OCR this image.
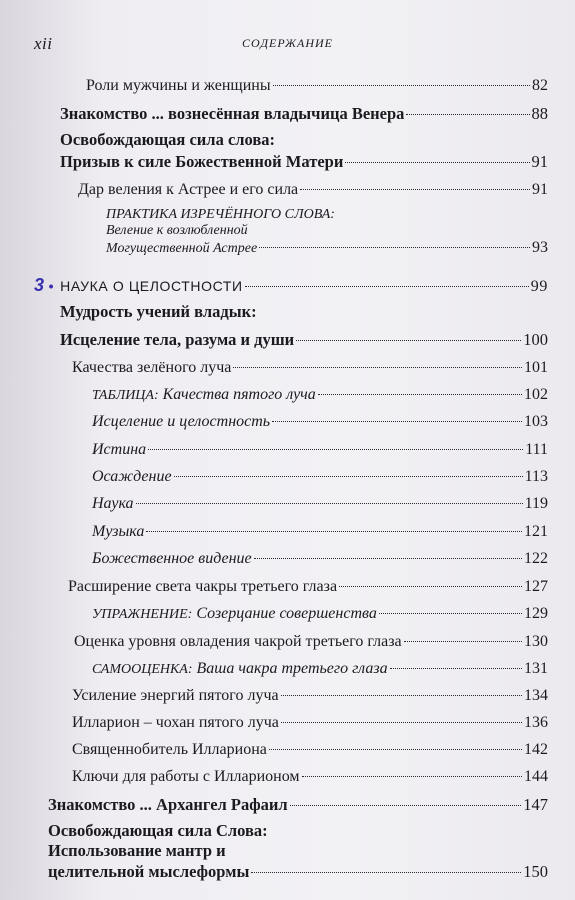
xii	СОДЕРЖАНИЕ
Роли мужчины и женщины	82
Знакомство ... вознесённая владычица Венера	88
Освобождающая сила слова:
Призыв к силе Божественной Матери	91
Дар веления к Астрее и его сила	91
ПРАКТИКА ИЗРЕЧЁННОГО СЛОВА:
Веление к возлюбленной
Могущественной Астрее	93
3 • НАУКА О ЦЕЛОСТНОСТИ	99
Мудрость учений владык:
Исцеление тела, разума и души	100
Качества зелёного луча	101
ТАБЛИЦА: Качества пятого луча	102
Исцеление и целостность	103
Истина	111
Осаждение	113
Наука	119
Музыка	121
Божественное видение	122
Расширение света чакры третьего глаза	127
УПРАЖНЕНИЕ: Созерцание совершенства	129
Оценка уровня овладения чакрой третьего глаза	130
САМООЦЕНКА: Ваша чакра третьего глаза	131
Усиление энергий пятого луча	134
Илларион – чохан пятого луча	136
Священнобитель Иллариона	142
Ключи для работы с Илларионом	144
Знакомство ... Архангел Рафаил	147
Освобождающая сила Слова:
Использование мантр и
целительной мыслеформы	150
